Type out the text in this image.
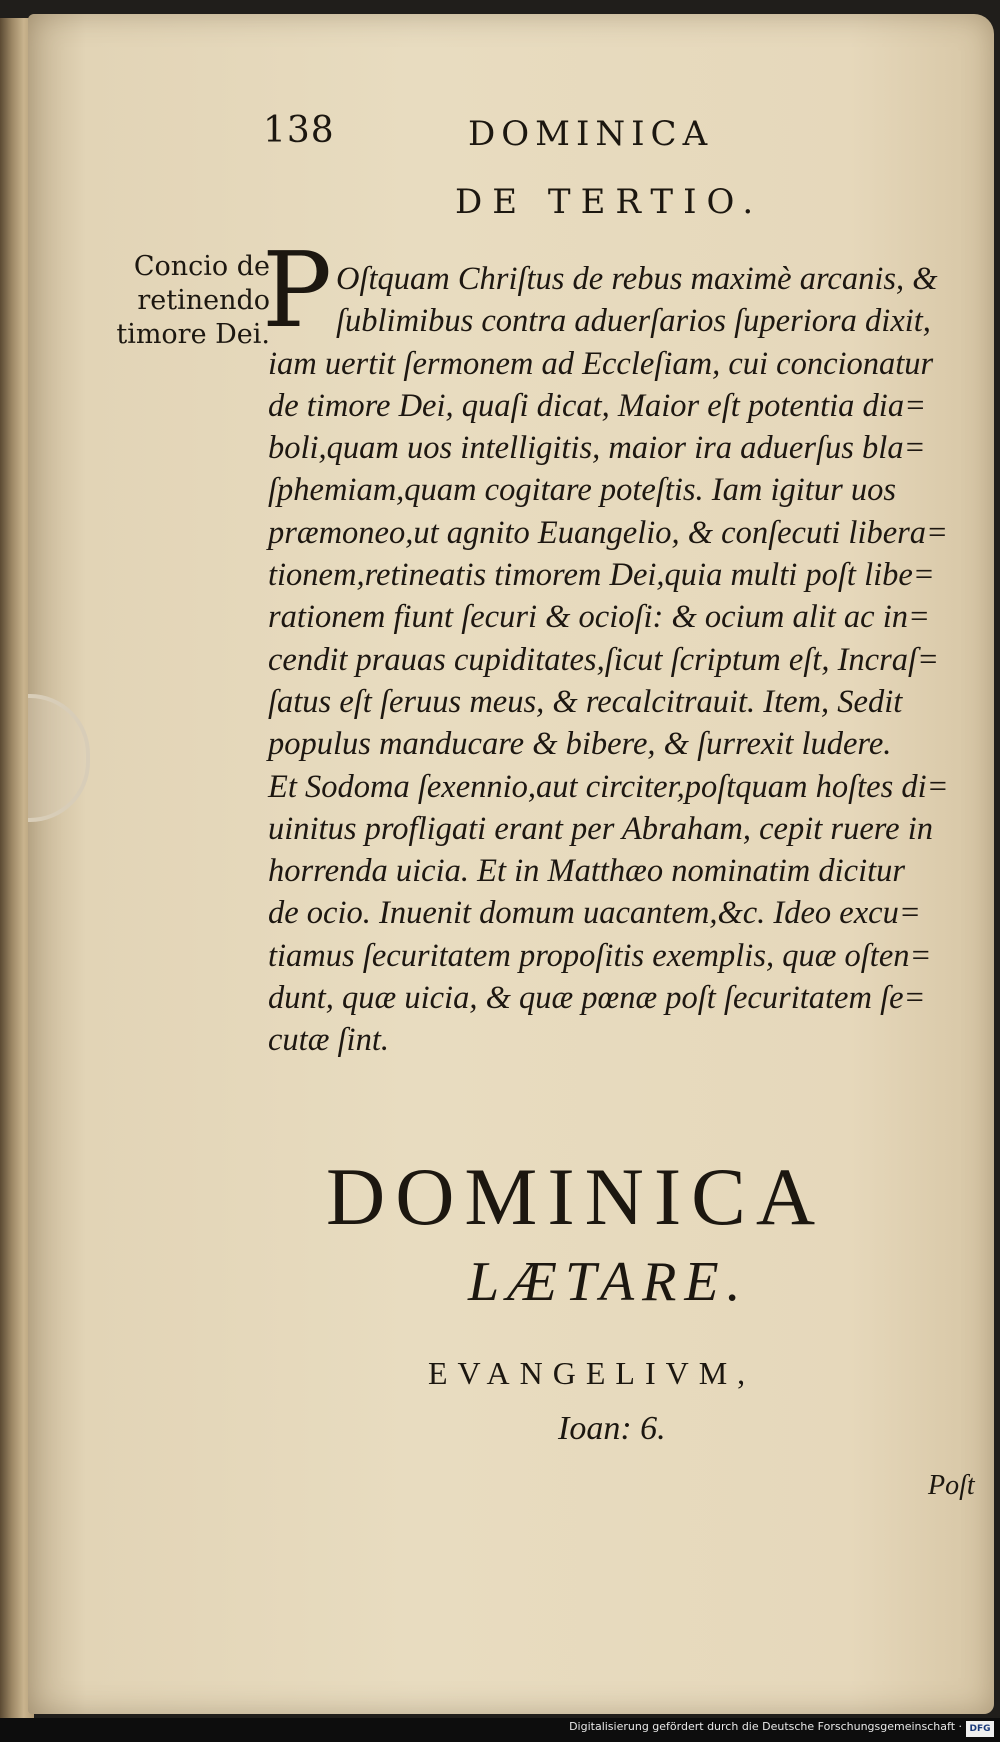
138	DOMINICA
DE TERTIO.
Concio de
retinendo
timore Dei.
P Oſtquam Chriſtus de rebus maximè arcanis, &
ſublimibus contra aduerſarios ſuperiora dixit,
iam uertit ſermonem ad Eccleſiam, cui concionatur
de timore Dei, quaſi dicat, Maior eſt potentia dia=
boli,quam uos intelligitis, maior ira aduerſus bla=
ſphemiam,quam cogitare poteſtis. Iam igitur uos
præmoneo,ut agnito Euangelio, & conſecuti libera=
tionem,retineatis timorem Dei,quia multi poſt libe=
rationem fiunt ſecuri & ocioſi: & ocium alit ac in=
cendit prauas cupiditates,ſicut ſcriptum eſt, Incraſ=
ſatus eſt ſeruus meus, & recalcitrauit. Item, Sedit
populus manducare & bibere, & ſurrexit ludere.
Et Sodoma ſexennio,aut circiter,poſtquam hoſtes di=
uinitus profligati erant per Abraham, cepit ruere in
horrenda uicia. Et in Matthæo nominatim dicitur
de ocio. Inuenit domum uacantem,&c. Ideo excu=
tiamus ſecuritatem propoſitis exemplis, quæ oſten=
dunt, quæ uicia, & quæ pœnæ poſt ſecuritatem ſe=
cutæ ſint.
DOMINICA
LÆTARE.
EVANGELIVM,
Ioan: 6.
Poſt
Digitalisierung gefördert durch die Deutsche Forschungsgemeinschaft · DFG
